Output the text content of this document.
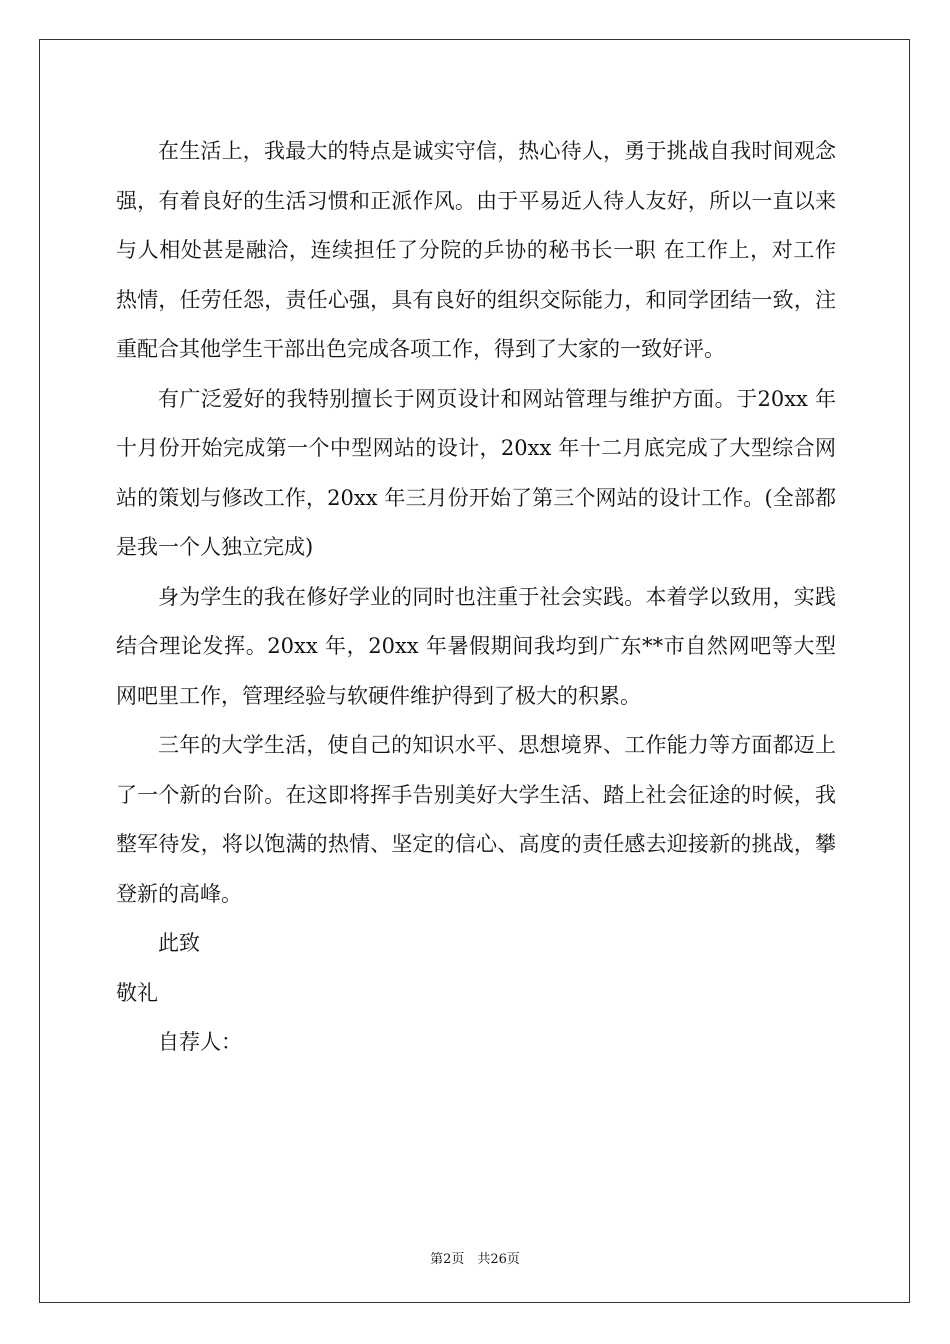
在生活上，我最大的特点是诚实守信，热心待人，勇于挑战自我时间观念强，有着良好的生活习惯和正派作风。由于平易近人待人友好，所以一直以来与人相处甚是融洽，连续担任了分院的乒协的秘书长一职 在工作上，对工作热情，任劳任怨，责任心强，具有良好的组织交际能力，和同学团结一致，注重配合其他学生干部出色完成各项工作，得到了大家的一致好评。

有广泛爱好的我特别擅长于网页设计和网站管理与维护方面。于20xx 年十月份开始完成第一个中型网站的设计，20xx 年十二月底完成了大型综合网站的策划与修改工作，20xx 年三月份开始了第三个网站的设计工作。(全部都是我一个人独立完成)

身为学生的我在修好学业的同时也注重于社会实践。本着学以致用，实践结合理论发挥。20xx 年，20xx 年暑假期间我均到广东**市自然网吧等大型网吧里工作，管理经验与软硬件维护得到了极大的积累。

三年的大学生活，使自己的知识水平、思想境界、工作能力等方面都迈上了一个新的台阶。在这即将挥手告别美好大学生活、踏上社会征途的时候，我整军待发，将以饱满的热情、坚定的信心、高度的责任感去迎接新的挑战，攀登新的高峰。

此致

敬礼

自荐人：

第2页　共26页
